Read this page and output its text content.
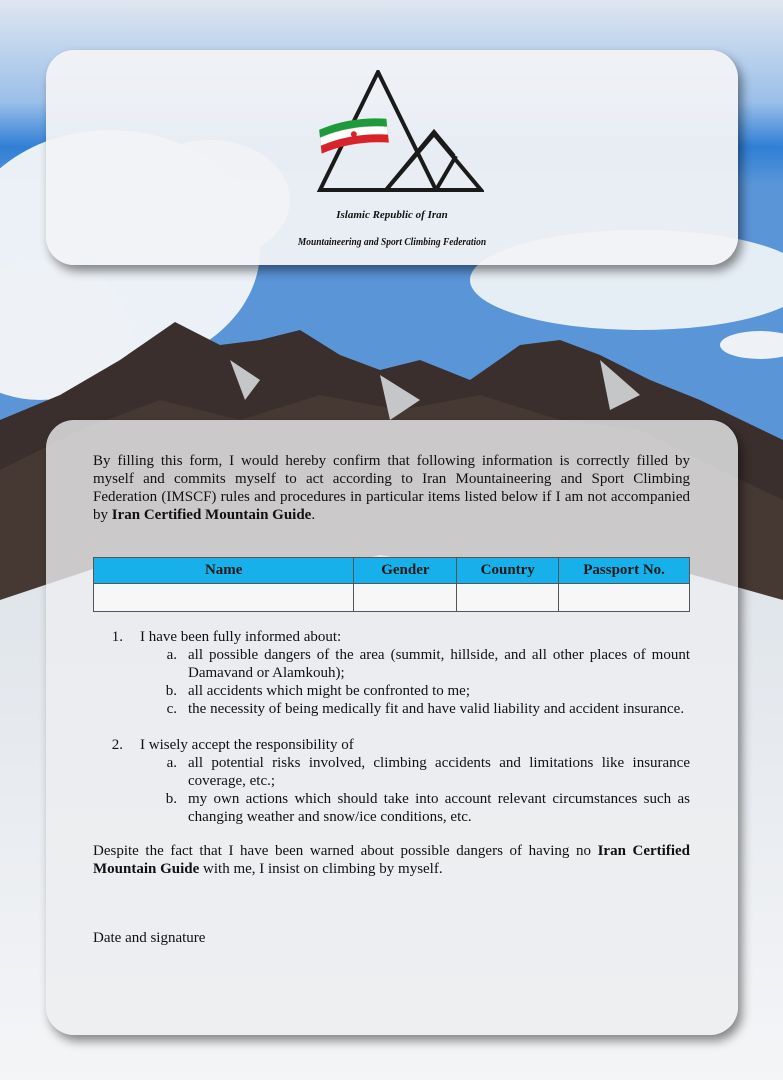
Islamic Republic of Iran
Mountaineering and Sport Climbing Federation

By filling this form, I would hereby confirm that following information is correctly filled by myself and commits myself to act according to Iran Mountaineering and Sport Climbing Federation (IMSCF) rules and procedures in particular items listed below if I am not accompanied by Iran Certified Mountain Guide.

Name	Gender	Country	Passport No.

1. I have been fully informed about:
a. all possible dangers of the area (summit, hillside, and all other places of mount Damavand or Alamkouh);
b. all accidents which might be confronted to me;
c. the necessity of being medically fit and have valid liability and accident insurance.
2. I wisely accept the responsibility of
a. all potential risks involved, climbing accidents and limitations like insurance coverage, etc.;
b. my own actions which should take into account relevant circumstances such as changing weather and snow/ice conditions, etc.

Despite the fact that I have been warned about possible dangers of having no Iran Certified Mountain Guide with me, I insist on climbing by myself.

Date and signature
